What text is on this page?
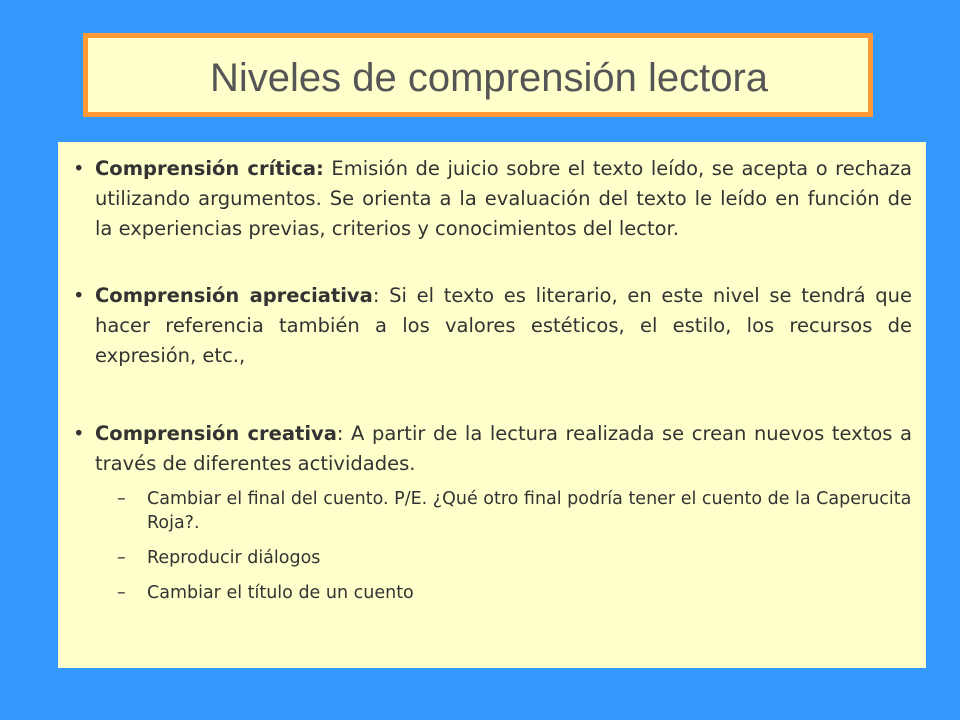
Niveles de comprensión lectora
• Comprensión crítica: Emisión de juicio sobre el texto leído, se acepta o rechaza utilizando argumentos. Se orienta a la evaluación del texto le leído en función de la experiencias previas, criterios y conocimientos del lector.
• Comprensión apreciativa: Si el texto es literario, en este nivel se tendrá que hacer referencia también a los valores estéticos, el estilo, los recursos de expresión, etc.,
• Comprensión creativa: A partir de la lectura realizada se crean nuevos textos a través de diferentes actividades.
– Cambiar el final del cuento. P/E. ¿Qué otro final podría tener el cuento de la Caperucita Roja?.
– Reproducir diálogos
– Cambiar el título de un cuento
